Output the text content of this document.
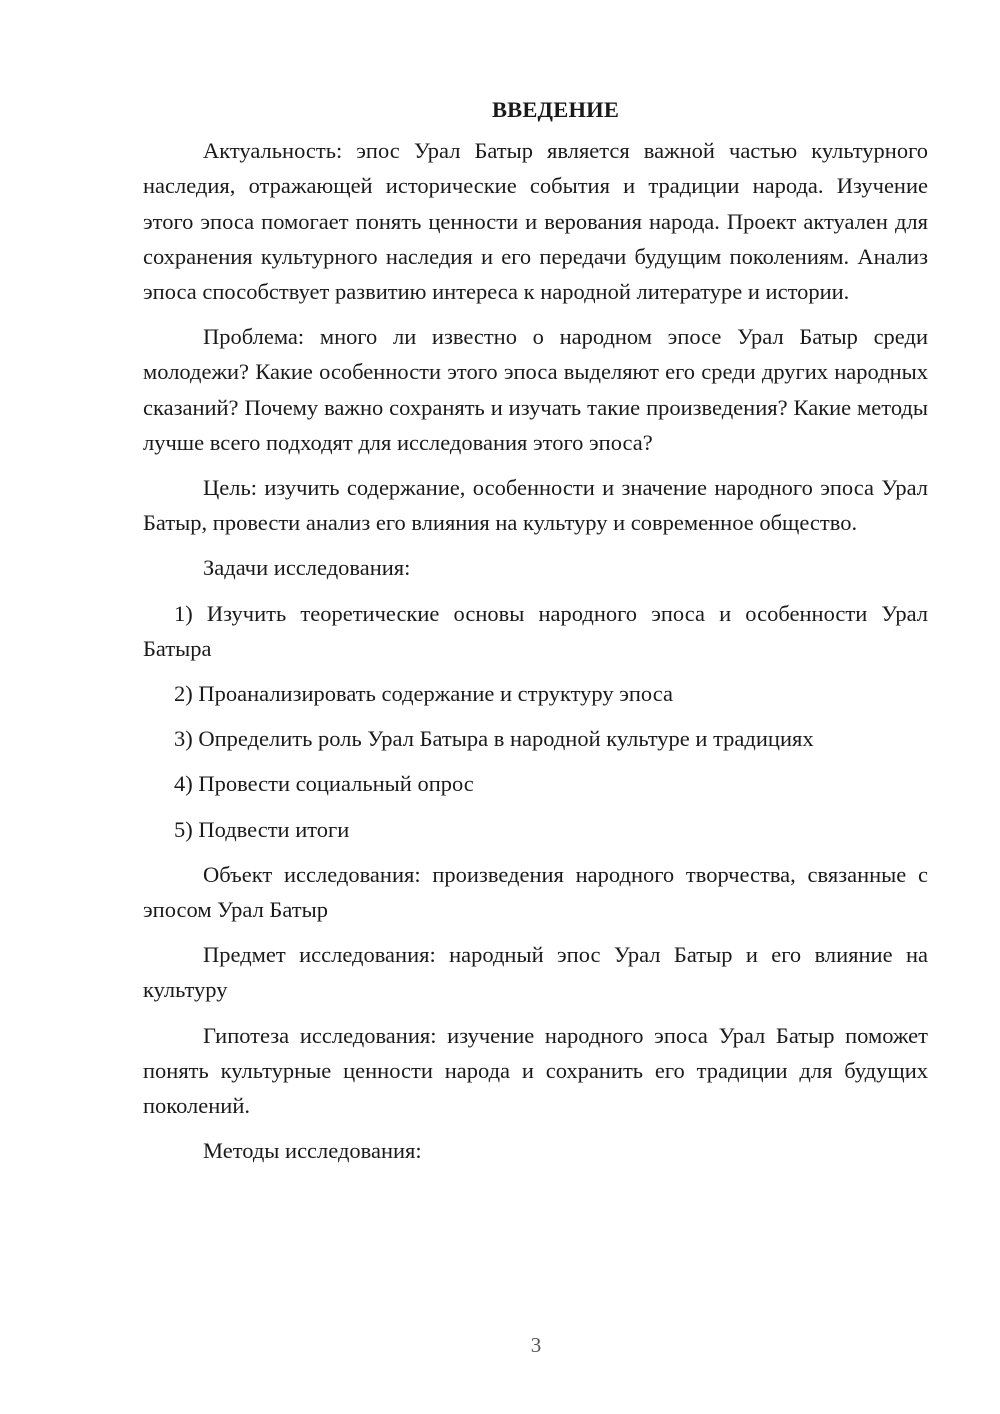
ВВЕДЕНИЕ

Актуальность: эпос Урал Батыр является важной частью культурного наследия, отражающей исторические события и традиции народа. Изучение этого эпоса помогает понять ценности и верования народа. Проект актуален для сохранения культурного наследия и его передачи будущим поколениям. Анализ эпоса способствует развитию интереса к народной литературе и истории.

Проблема: много ли известно о народном эпосе Урал Батыр среди молодежи? Какие особенности этого эпоса выделяют его среди других народных сказаний? Почему важно сохранять и изучать такие произведения? Какие методы лучше всего подходят для исследования этого эпоса?

Цель: изучить содержание, особенности и значение народного эпоса Урал Батыр, провести анализ его влияния на культуру и современное общество.

Задачи исследования:

1) Изучить теоретические основы народного эпоса и особенности Урал Батыра

2) Проанализировать содержание и структуру эпоса

3) Определить роль Урал Батыра в народной культуре и традициях

4) Провести социальный опрос

5) Подвести итоги

Объект исследования: произведения народного творчества, связанные с эпосом Урал Батыр

Предмет исследования: народный эпос Урал Батыр и его влияние на культуру

Гипотеза исследования: изучение народного эпоса Урал Батыр поможет понять культурные ценности народа и сохранить его традиции для будущих поколений.

Методы исследования:

3
